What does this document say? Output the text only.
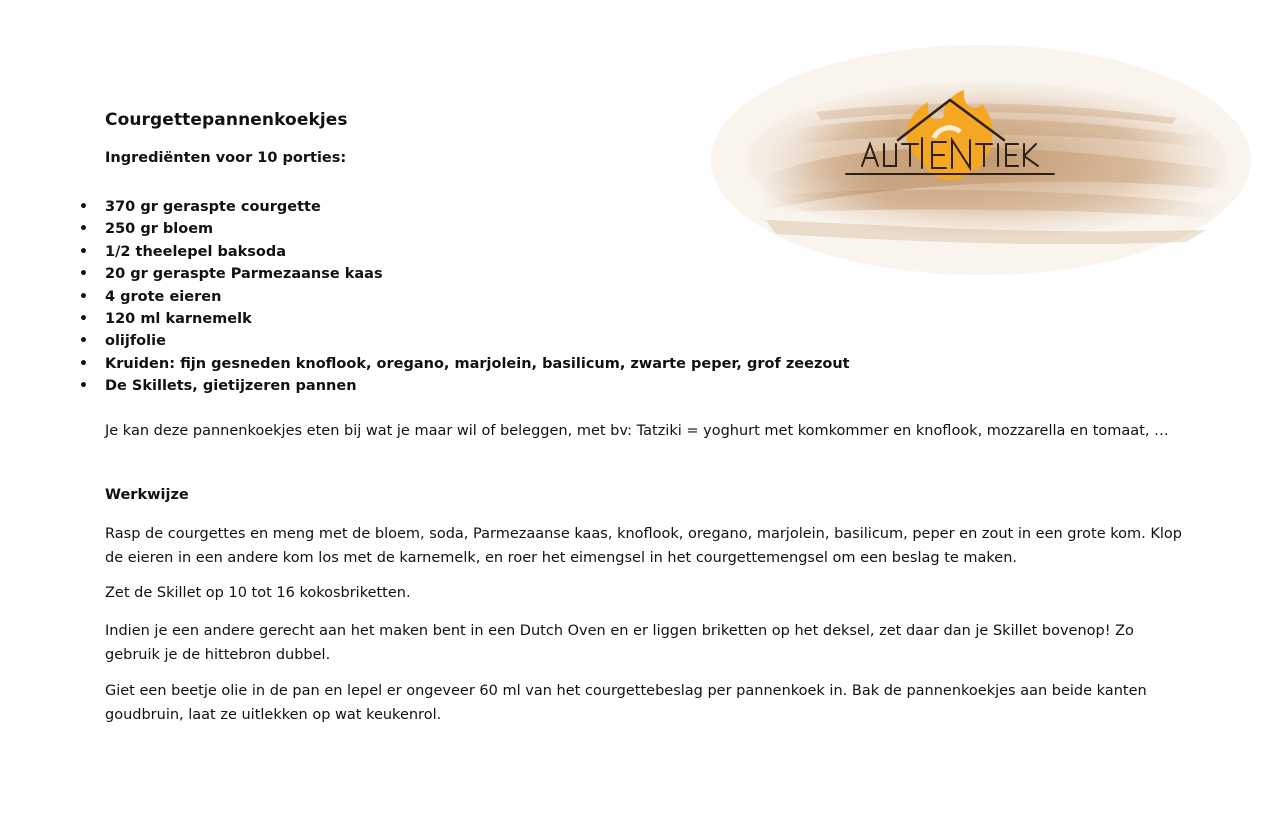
Courgettepannenkoekjes
Ingrediënten voor 10 porties:
• 370 gr geraspte courgette
• 250 gr bloem
• 1/2 theelepel baksoda
• 20 gr geraspte Parmezaanse kaas
• 4 grote eieren
• 120 ml karnemelk
• olijfolie
• Kruiden: fijn gesneden knoflook, oregano, marjolein, basilicum, zwarte peper, grof zeezout
• De Skillets, gietijzeren pannen

Je kan deze pannenkoekjes eten bij wat je maar wil of beleggen, met bv: Tatziki = yoghurt met komkommer en knoflook, mozzarella en tomaat, …

Werkwijze

Rasp de courgettes en meng met de bloem, soda, Parmezaanse kaas, knoflook, oregano, marjolein, basilicum, peper en zout in een grote kom. Klop de eieren in een andere kom los met de karnemelk, en roer het eimengsel in het courgettemengsel om een beslag te maken.

Zet de Skillet op 10 tot 16 kokosbriketten.

Indien je een andere gerecht aan het maken bent in een Dutch Oven en er liggen briketten op het deksel, zet daar dan je Skillet bovenop! Zo gebruik je de hittebron dubbel.

Giet een beetje olie in de pan en lepel er ongeveer 60 ml van het courgettebeslag per pannenkoek in. Bak de pannenkoekjes aan beide kanten goudbruin, laat ze uitlekken op wat keukenrol.
